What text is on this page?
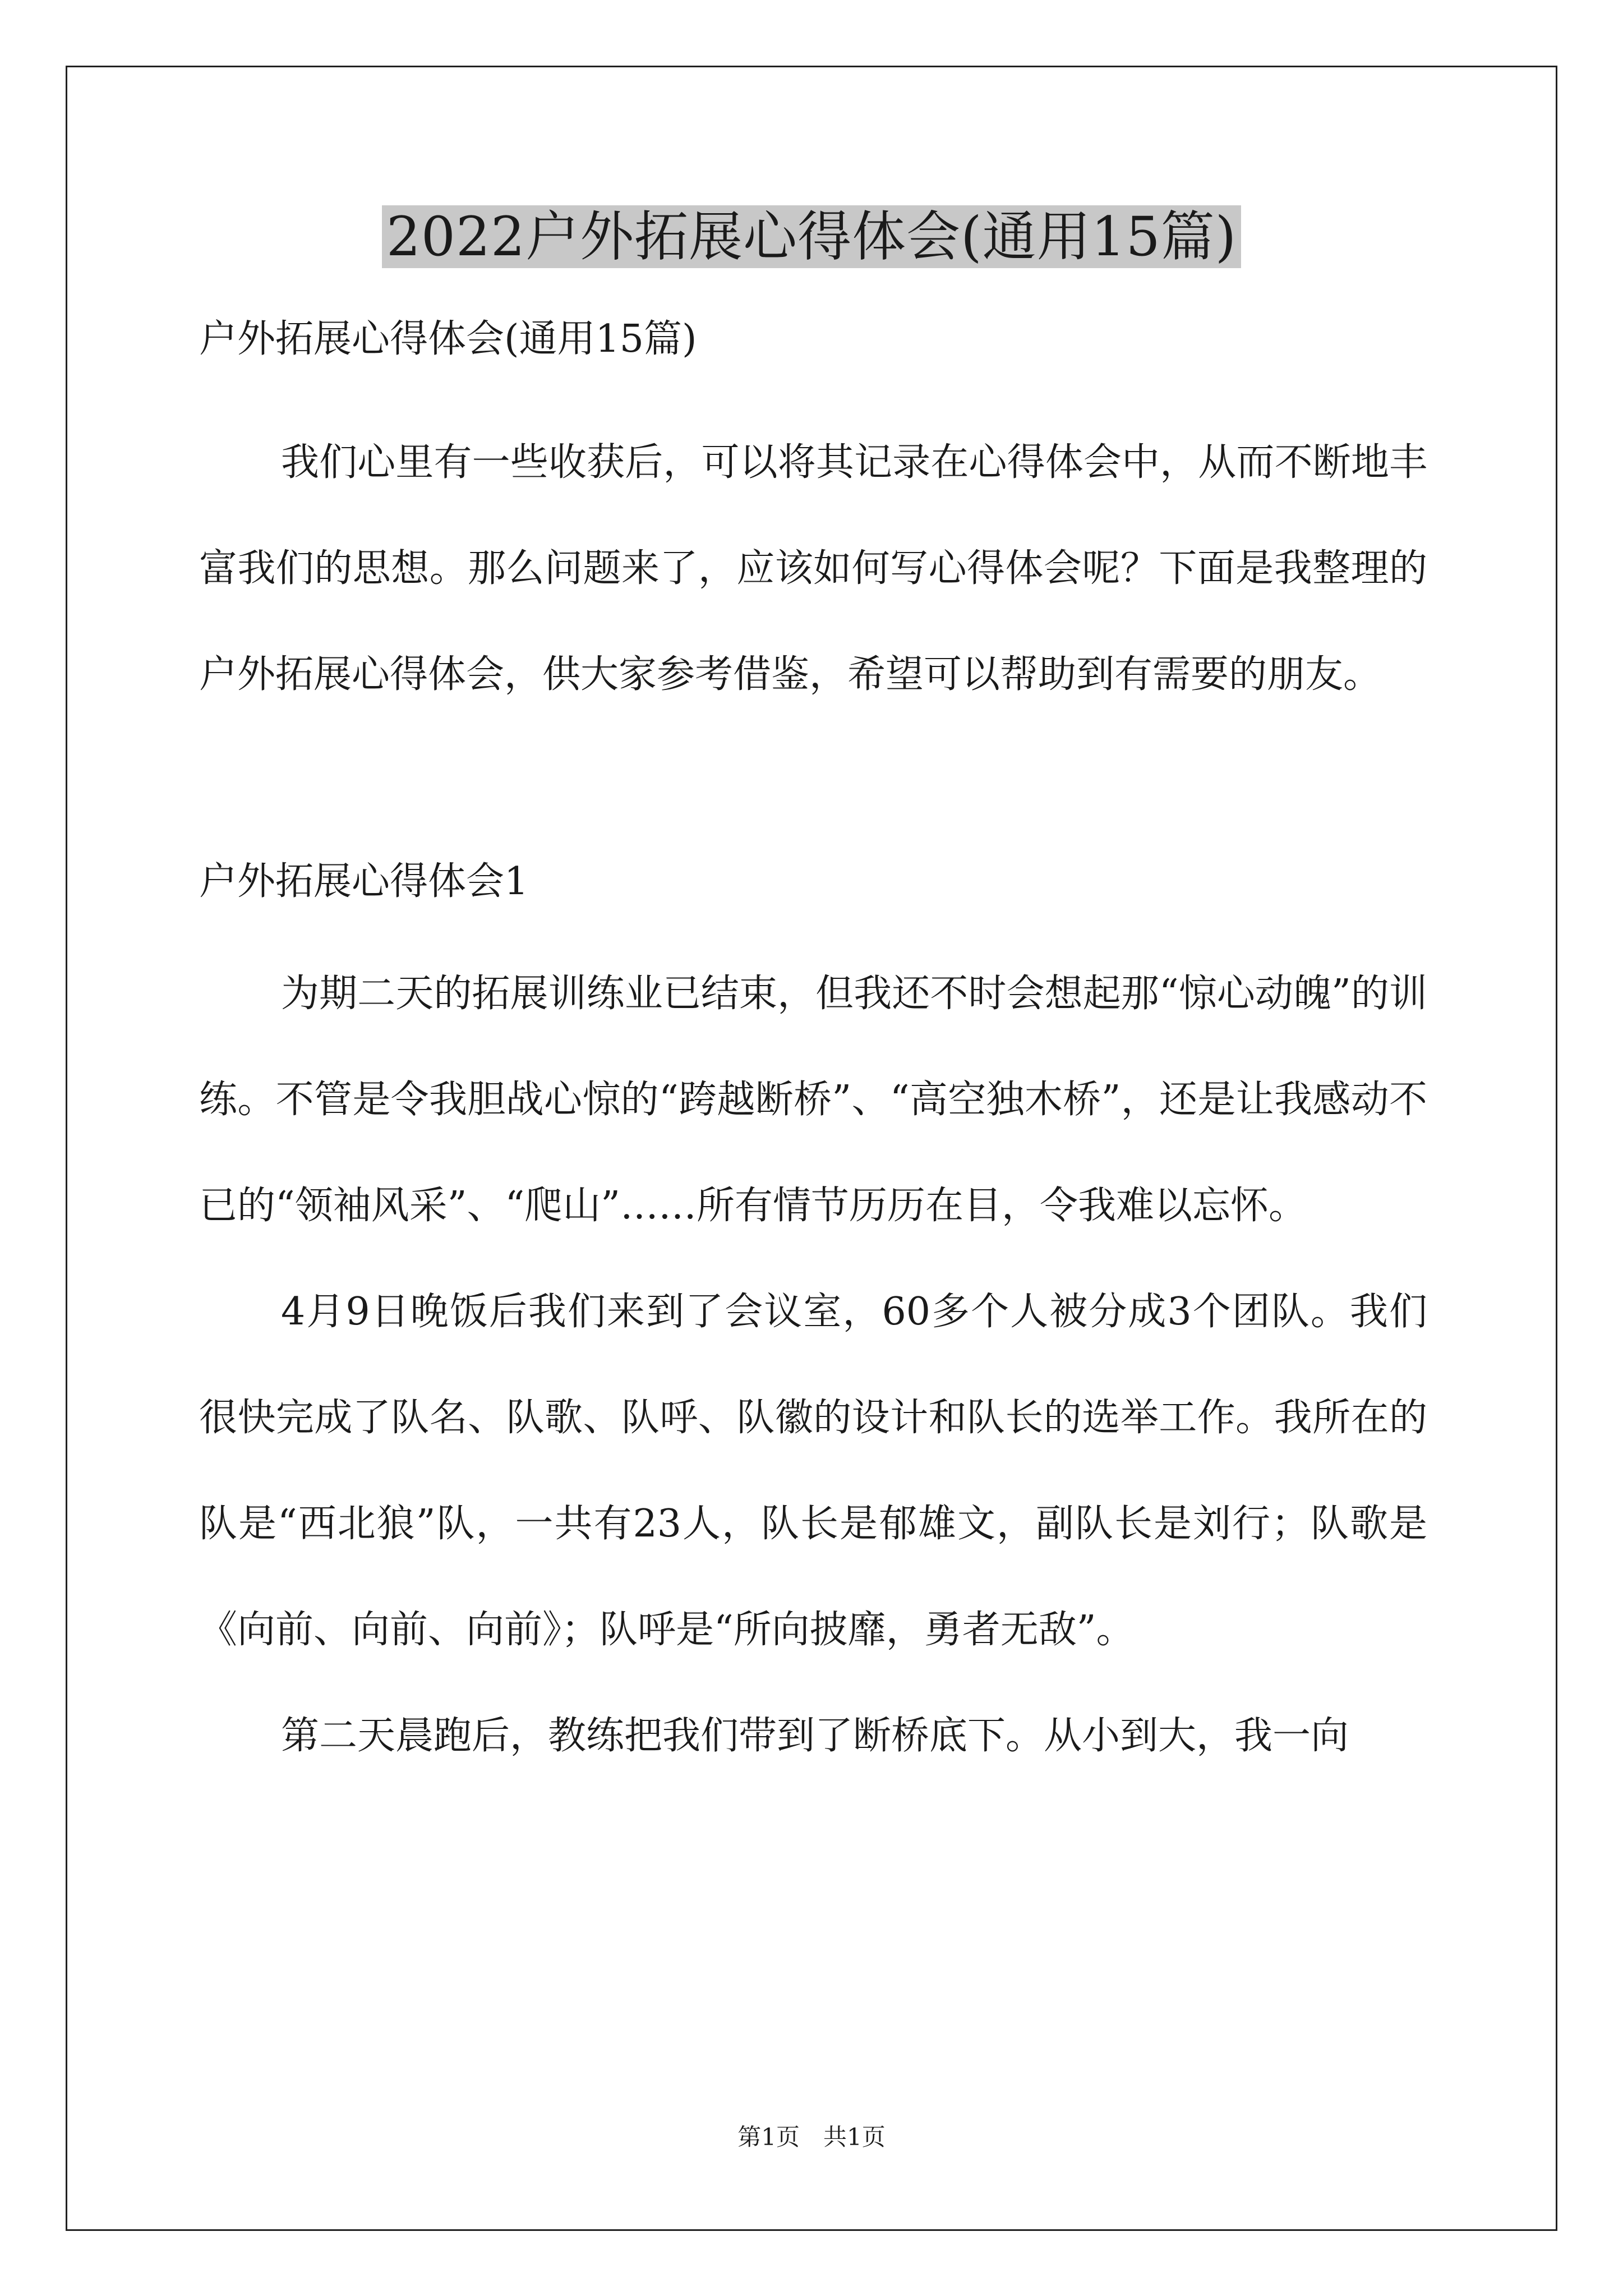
2022户外拓展心得体会(通用15篇)

户外拓展心得体会(通用15篇)

我们心里有一些收获后，可以将其记录在心得体会中，从而不断地丰富我们的思想。那么问题来了，应该如何写心得体会呢？下面是我整理的户外拓展心得体会，供大家参考借鉴，希望可以帮助到有需要的朋友。

户外拓展心得体会1

为期二天的拓展训练业已结束，但我还不时会想起那“惊心动魄”的训练。不管是令我胆战心惊的“跨越断桥”、“高空独木桥”，还是让我感动不已的“领袖风采”、“爬山”……所有情节历历在目，令我难以忘怀。

4月9日晚饭后我们来到了会议室，60多个人被分成3个团队。我们很快完成了队名、队歌、队呼、队徽的设计和队长的选举工作。我所在的队是“西北狼”队，一共有23人，队长是郁雄文，副队长是刘行；队歌是《向前、向前、向前》；队呼是“所向披靡，勇者无敌”。

第二天晨跑后，教练把我们带到了断桥底下。从小到大，我一向

第1页 共1页
